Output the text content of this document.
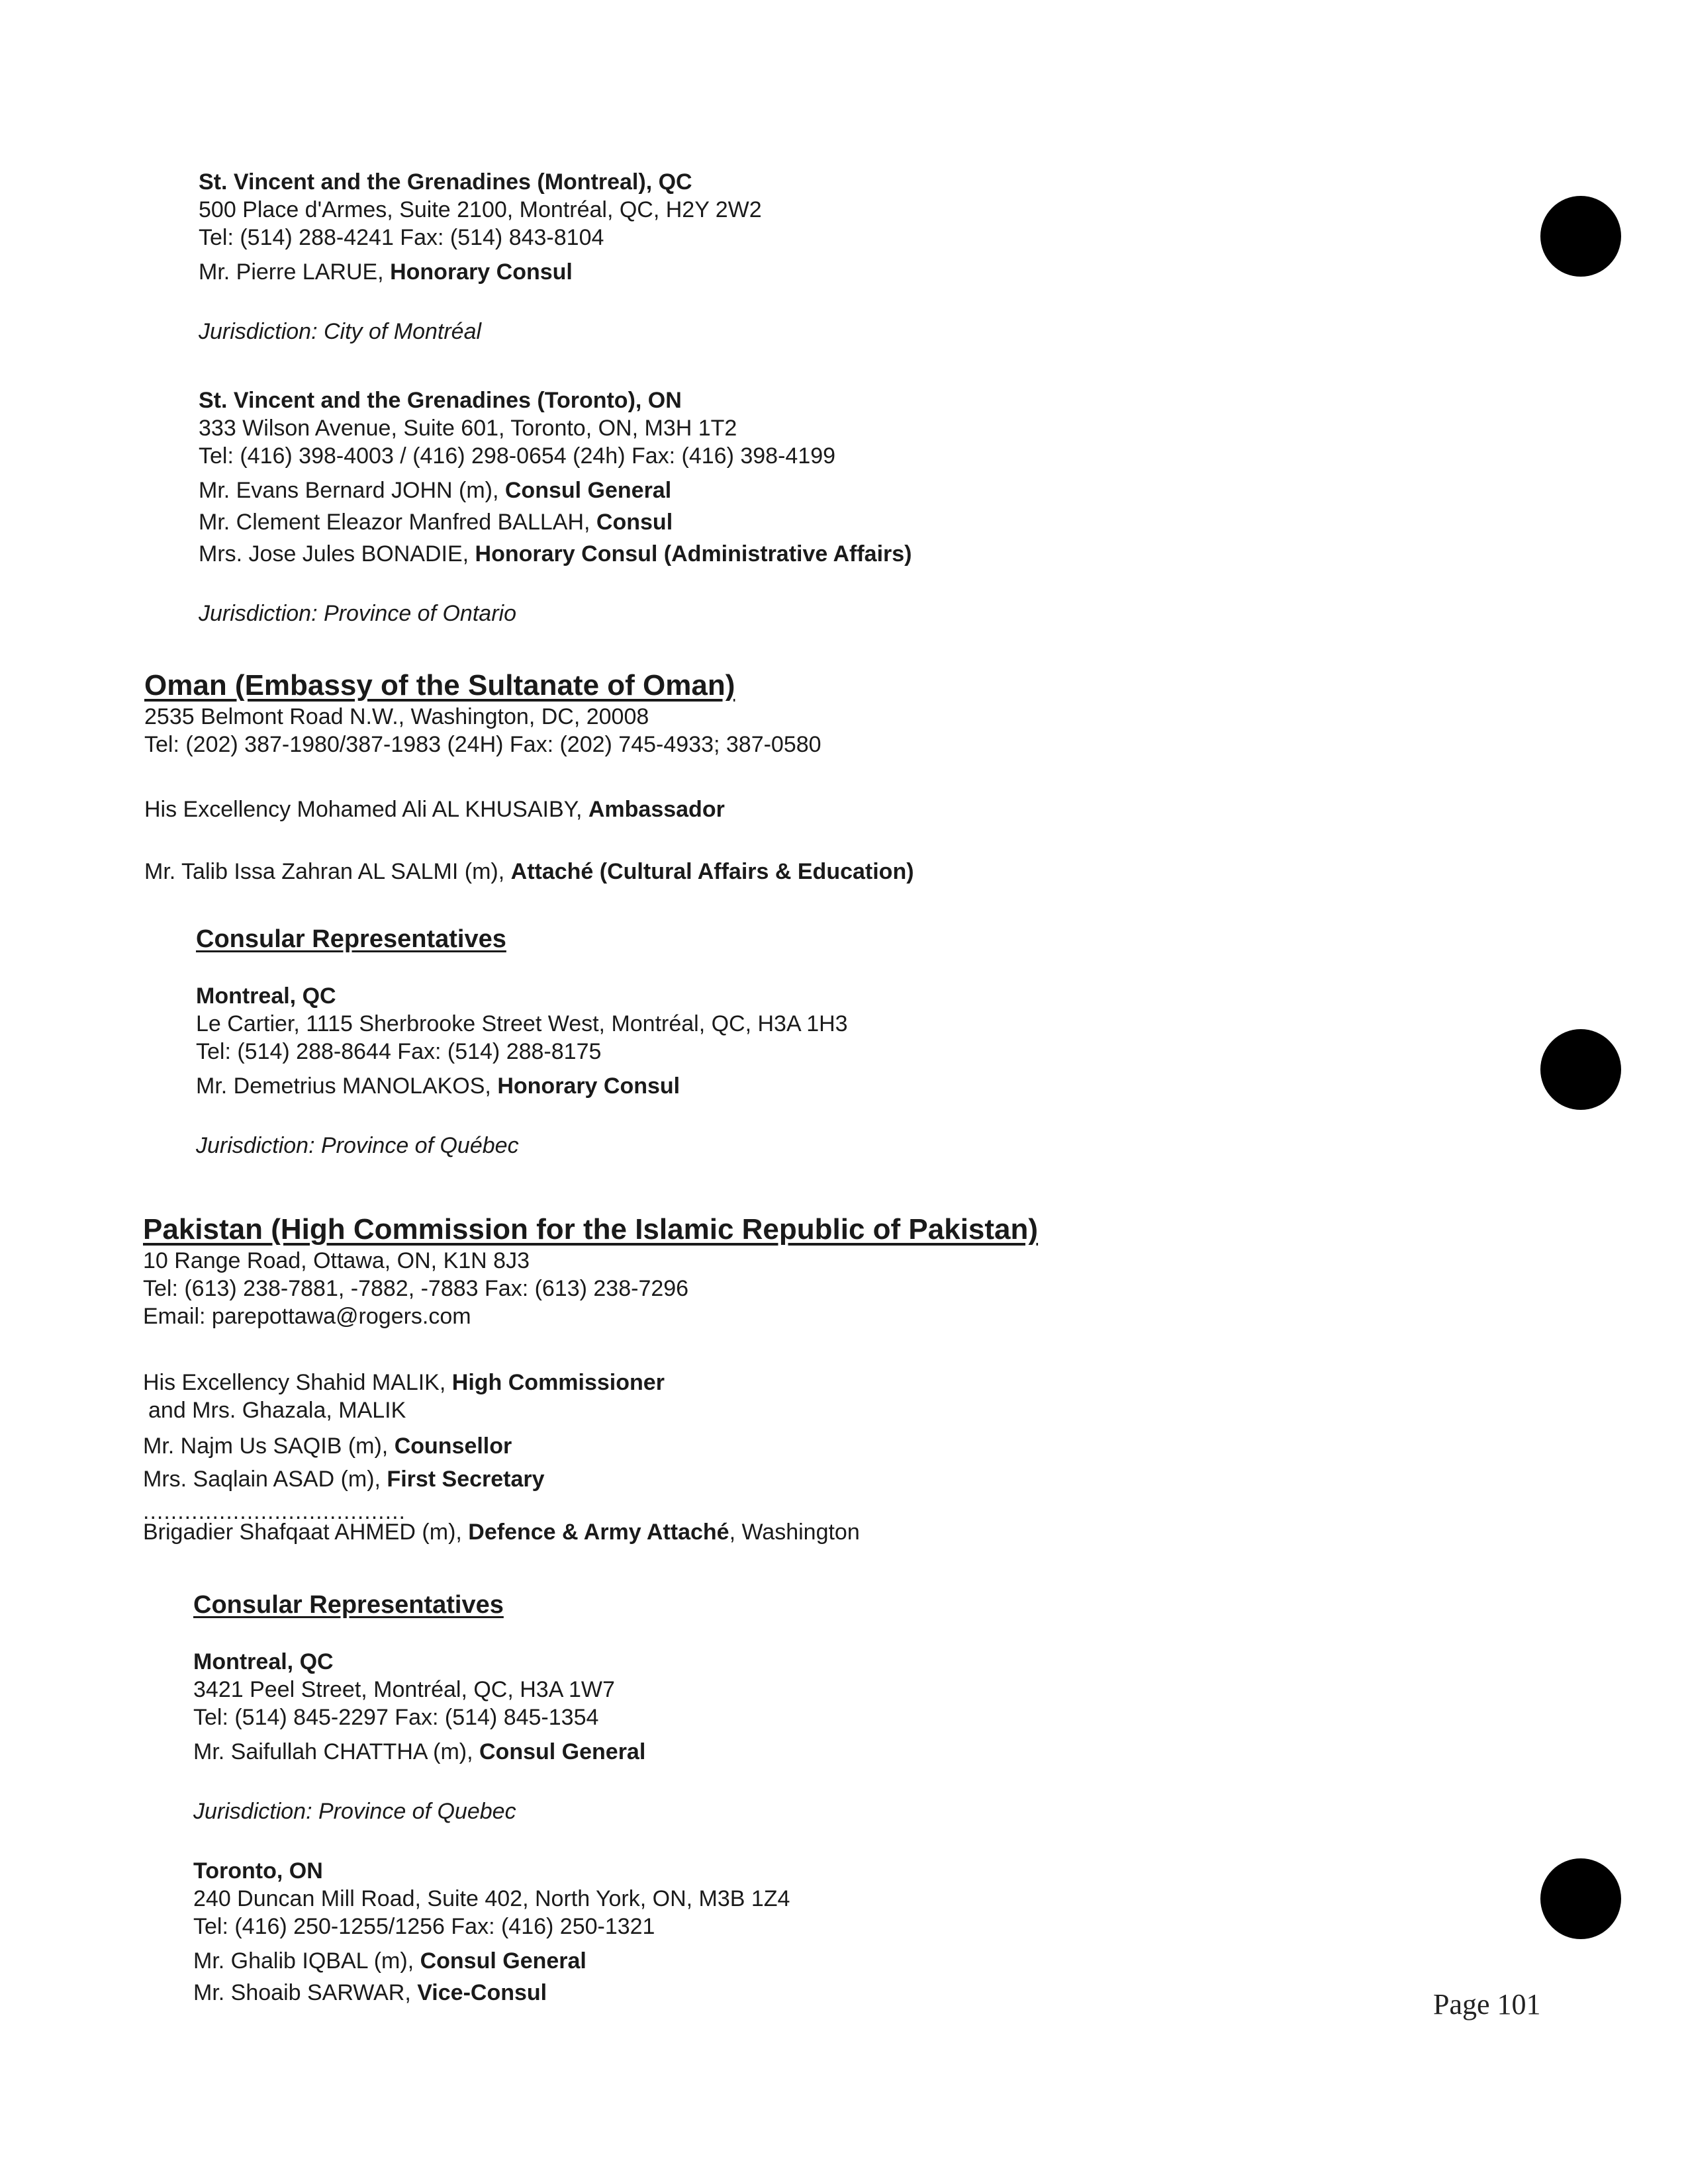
St. Vincent and the Grenadines (Montreal), QC
500 Place d'Armes, Suite 2100, Montréal, QC, H2Y 2W2
Tel: (514) 288-4241 Fax: (514) 843-8104
Mr. Pierre LARUE, Honorary Consul
Jurisdiction: City of Montréal
St. Vincent and the Grenadines (Toronto), ON
333 Wilson Avenue, Suite 601, Toronto, ON, M3H 1T2
Tel: (416) 398-4003 / (416) 298-0654 (24h) Fax: (416) 398-4199
Mr. Evans Bernard JOHN (m), Consul General
Mr. Clement Eleazor Manfred BALLAH, Consul
Mrs. Jose Jules BONADIE, Honorary Consul (Administrative Affairs)
Jurisdiction: Province of Ontario
Oman (Embassy of the Sultanate of Oman)
2535 Belmont Road N.W., Washington, DC, 20008
Tel: (202) 387-1980/387-1983 (24H) Fax: (202) 745-4933; 387-0580
His Excellency Mohamed Ali AL KHUSAIBY, Ambassador
Mr. Talib Issa Zahran AL SALMI (m), Attaché (Cultural Affairs & Education)
Consular Representatives
Montreal, QC
Le Cartier, 1115 Sherbrooke Street West, Montréal, QC, H3A 1H3
Tel: (514) 288-8644 Fax: (514) 288-8175
Mr. Demetrius MANOLAKOS, Honorary Consul
Jurisdiction: Province of Québec
Pakistan (High Commission for the Islamic Republic of Pakistan)
10 Range Road, Ottawa, ON, K1N 8J3
Tel: (613) 238-7881, -7882, -7883 Fax: (613) 238-7296
Email: parepottawa@rogers.com
His Excellency Shahid MALIK, High Commissioner
and Mrs. Ghazala, MALIK
Mr. Najm Us SAQIB (m), Counsellor
Mrs. Saqlain ASAD (m), First Secretary
......................................
Brigadier Shafqaat AHMED (m), Defence & Army Attaché, Washington
Consular Representatives
Montreal, QC
3421 Peel Street, Montréal, QC, H3A 1W7
Tel: (514) 845-2297 Fax: (514) 845-1354
Mr. Saifullah CHATTHA (m), Consul General
Jurisdiction: Province of Quebec
Toronto, ON
240 Duncan Mill Road, Suite 402, North York, ON, M3B 1Z4
Tel: (416) 250-1255/1256 Fax: (416) 250-1321
Mr. Ghalib IQBAL (m), Consul General
Mr. Shoaib SARWAR, Vice-Consul	Page 101
